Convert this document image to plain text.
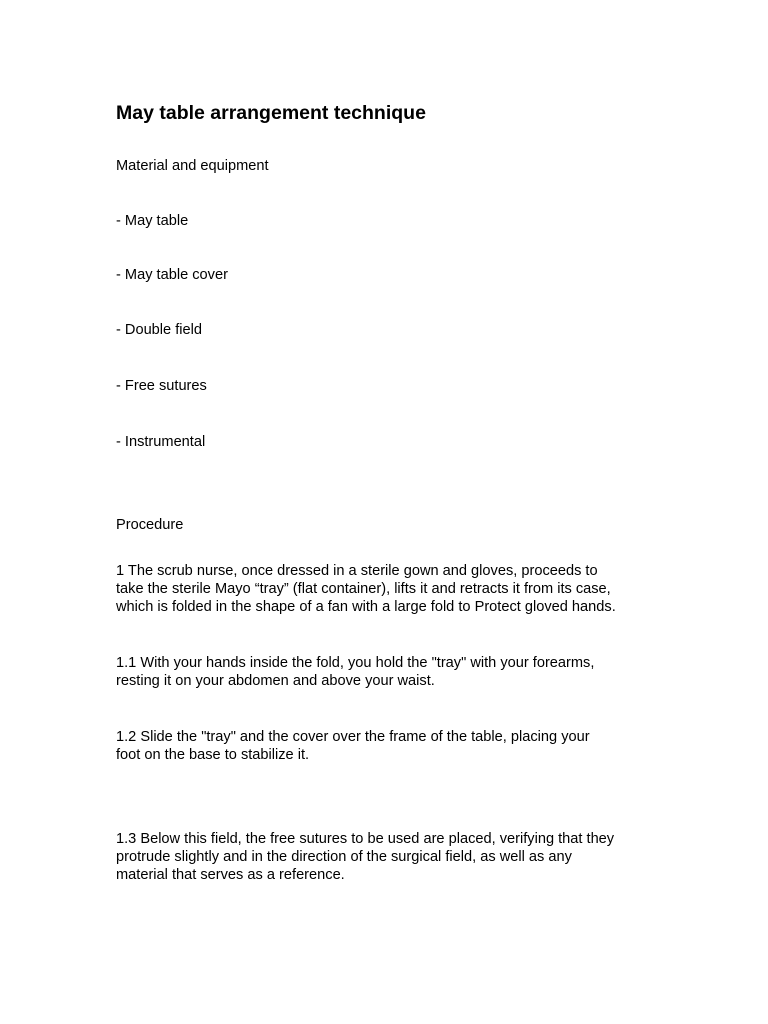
May table arrangement technique

Material and equipment

- May table

- May table cover

- Double field

- Free sutures

- Instrumental

Procedure

1 The scrub nurse, once dressed in a sterile gown and gloves, proceeds to
take the sterile Mayo “tray” (flat container), lifts it and retracts it from its case,
which is folded in the shape of a fan with a large fold to Protect gloved hands.
1.1 With your hands inside the fold, you hold the "tray" with your forearms,
resting it on your abdomen and above your waist.
1.2 Slide the "tray" and the cover over the frame of the table, placing your
foot on the base to stabilize it.
1.3 Below this field, the free sutures to be used are placed, verifying that they
protrude slightly and in the direction of the surgical field, as well as any
material that serves as a reference.
